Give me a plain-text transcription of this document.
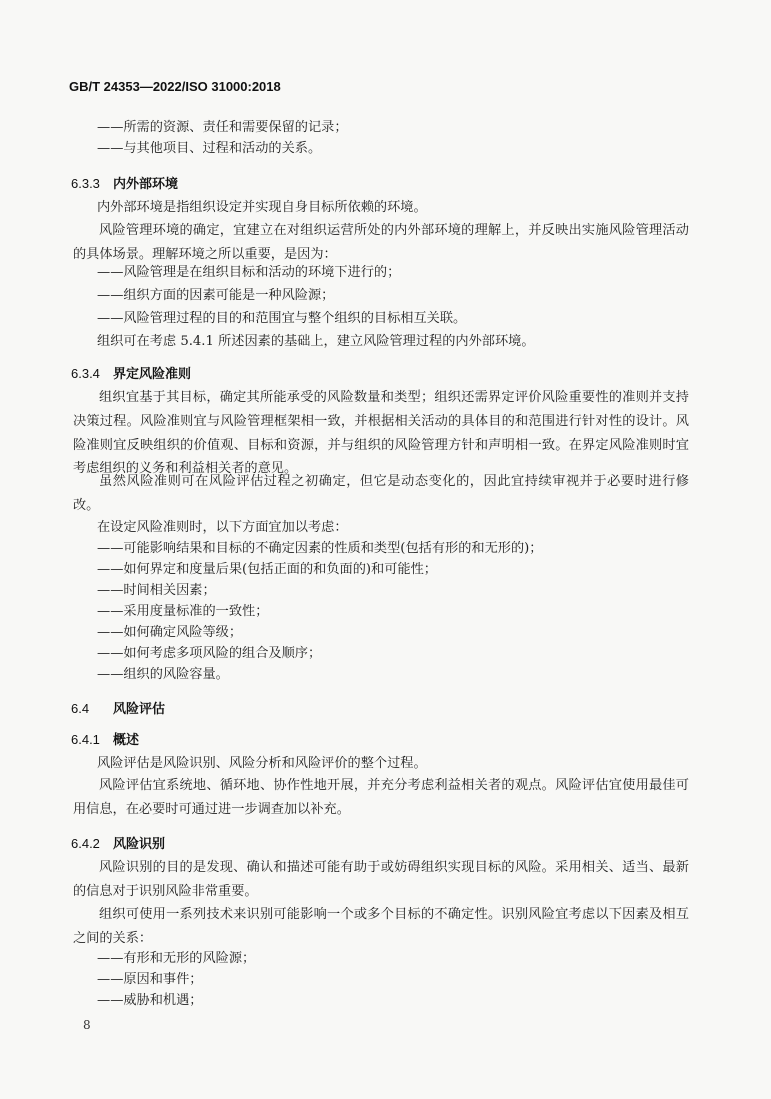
GB/T 24353—2022/ISO 31000:2018
——所需的资源、责任和需要保留的记录；
——与其他项目、过程和活动的关系。
6.3.3 内外部环境
内外部环境是指组织设定并实现自身目标所依赖的环境。

风险管理环境的确定，宜建立在对组织运营所处的内外部环境的理解上，并反映出实施风险管理活动的具体场景。理解环境之所以重要，是因为：

——风险管理是在组织目标和活动的环境下进行的；
——组织方面的因素可能是一种风险源；
——风险管理过程的目的和范围宜与整个组织的目标相互关联。
组织可在考虑 5.4.1 所述因素的基础上，建立风险管理过程的内外部环境。
6.3.4 界定风险准则

组织宜基于其目标，确定其所能承受的风险数量和类型；组织还需界定评价风险重要性的准则并支持决策过程。风险准则宜与风险管理框架相一致，并根据相关活动的具体目的和范围进行针对性的设计。风险准则宜反映组织的价值观、目标和资源，并与组织的风险管理方针和声明相一致。在界定风险准则时宜考虑组织的义务和利益相关者的意见。

虽然风险准则可在风险评估过程之初确定，但它是动态变化的，因此宜持续审视并于必要时进行修改。

在设定风险准则时，以下方面宜加以考虑：
——可能影响结果和目标的不确定因素的性质和类型(包括有形的和无形的)；
——如何界定和度量后果(包括正面的和负面的)和可能性；
——时间相关因素；
——采用度量标准的一致性；
——如何确定风险等级；
——如何考虑多项风险的组合及顺序；
——组织的风险容量。
6.4 风险评估
6.4.1 概述
风险评估是风险识别、风险分析和风险评价的整个过程。

风险评估宜系统地、循环地、协作性地开展，并充分考虑利益相关者的观点。风险评估宜使用最佳可用信息，在必要时可通过进一步调查加以补充。

6.4.2 风险识别

风险识别的目的是发现、确认和描述可能有助于或妨碍组织实现目标的风险。采用相关、适当、最新的信息对于识别风险非常重要。

组织可使用一系列技术来识别可能影响一个或多个目标的不确定性。识别风险宜考虑以下因素及相互之间的关系：

——有形和无形的风险源；
——原因和事件；
——威胁和机遇；
8
